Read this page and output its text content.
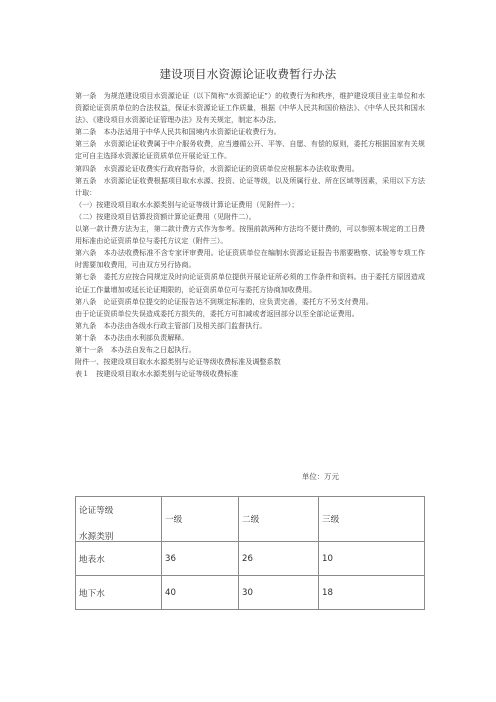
建设项目水资源论证收费暂行办法

第一条　为规范建设项目水资源论证（以下简称“水资源论证”）的收费行为和秩序，维护建设项目业主单位和水资源论证资质单位的合法权益，保证水资源论证工作质量，根据《中华人民共和国价格法》、《中华人民共和国水法》、《建设项目水资源论证管理办法》及有关规定，制定本办法。

第二条　本办法适用于中华人民共和国境内水资源论证收费行为。

第三条　水资源论证收费属于中介服务收费，应当遵循公开、平等、自愿、有偿的原则，委托方根据国家有关规定可自主选择水资源论证资质单位开展论证工作。

第四条　水资源论证收费实行政府指导价，水资源论证的资质单位应根据本办法收取费用。

第五条　水资源论证收费根据项目取水水源、投资、论证等级，以及所属行业、所在区域等因素，采用以下方法计取：

（一）按建设项目取水水源类别与论证等级计算论证费用（见附件一）；

（二）按建设项目估算投资额计算论证费用（见附件二）。

以第一款计费方法为主，第二款计费方式作为参考。按照前款两种方法均不便计费的，可以参照本规定的工日费用标准由论证资质单位与委托方议定（附件三）。

第六条　本办法收费标准不含专家评审费用。论证资质单位在编制水资源论证报告书需要勘察、试验等专项工作时需要加收费用，可由双方另行协商。

第七条　委托方应按合同规定及时向论证资质单位提供开展论证所必须的工作条件和资料。由于委托方原因造成论证工作量增加或延长论证期限的，论证资质单位可与委托方协商加收费用。

第八条　论证资质单位提交的论证报告达不到规定标准的，应负责完善，委托方不另支付费用。

由于论证资质单位失误造成委托方损失的，委托方可扣减或者返回部分以至全部论证费用。

第九条　本办法由各级水行政主管部门及相关部门监督执行。

第十条　本办法由水利部负责解释。

第十一条　本办法自发布之日起执行。

附件一、按建设项目取水水源类别与论证等级收费标准及调整系数

表１　按建设项目取水水源类别与论证等级收费标准

单位：万元
论证等级
水源类别	一级	二级	三级
地表水	36	26	10
地下水	40	30	18
